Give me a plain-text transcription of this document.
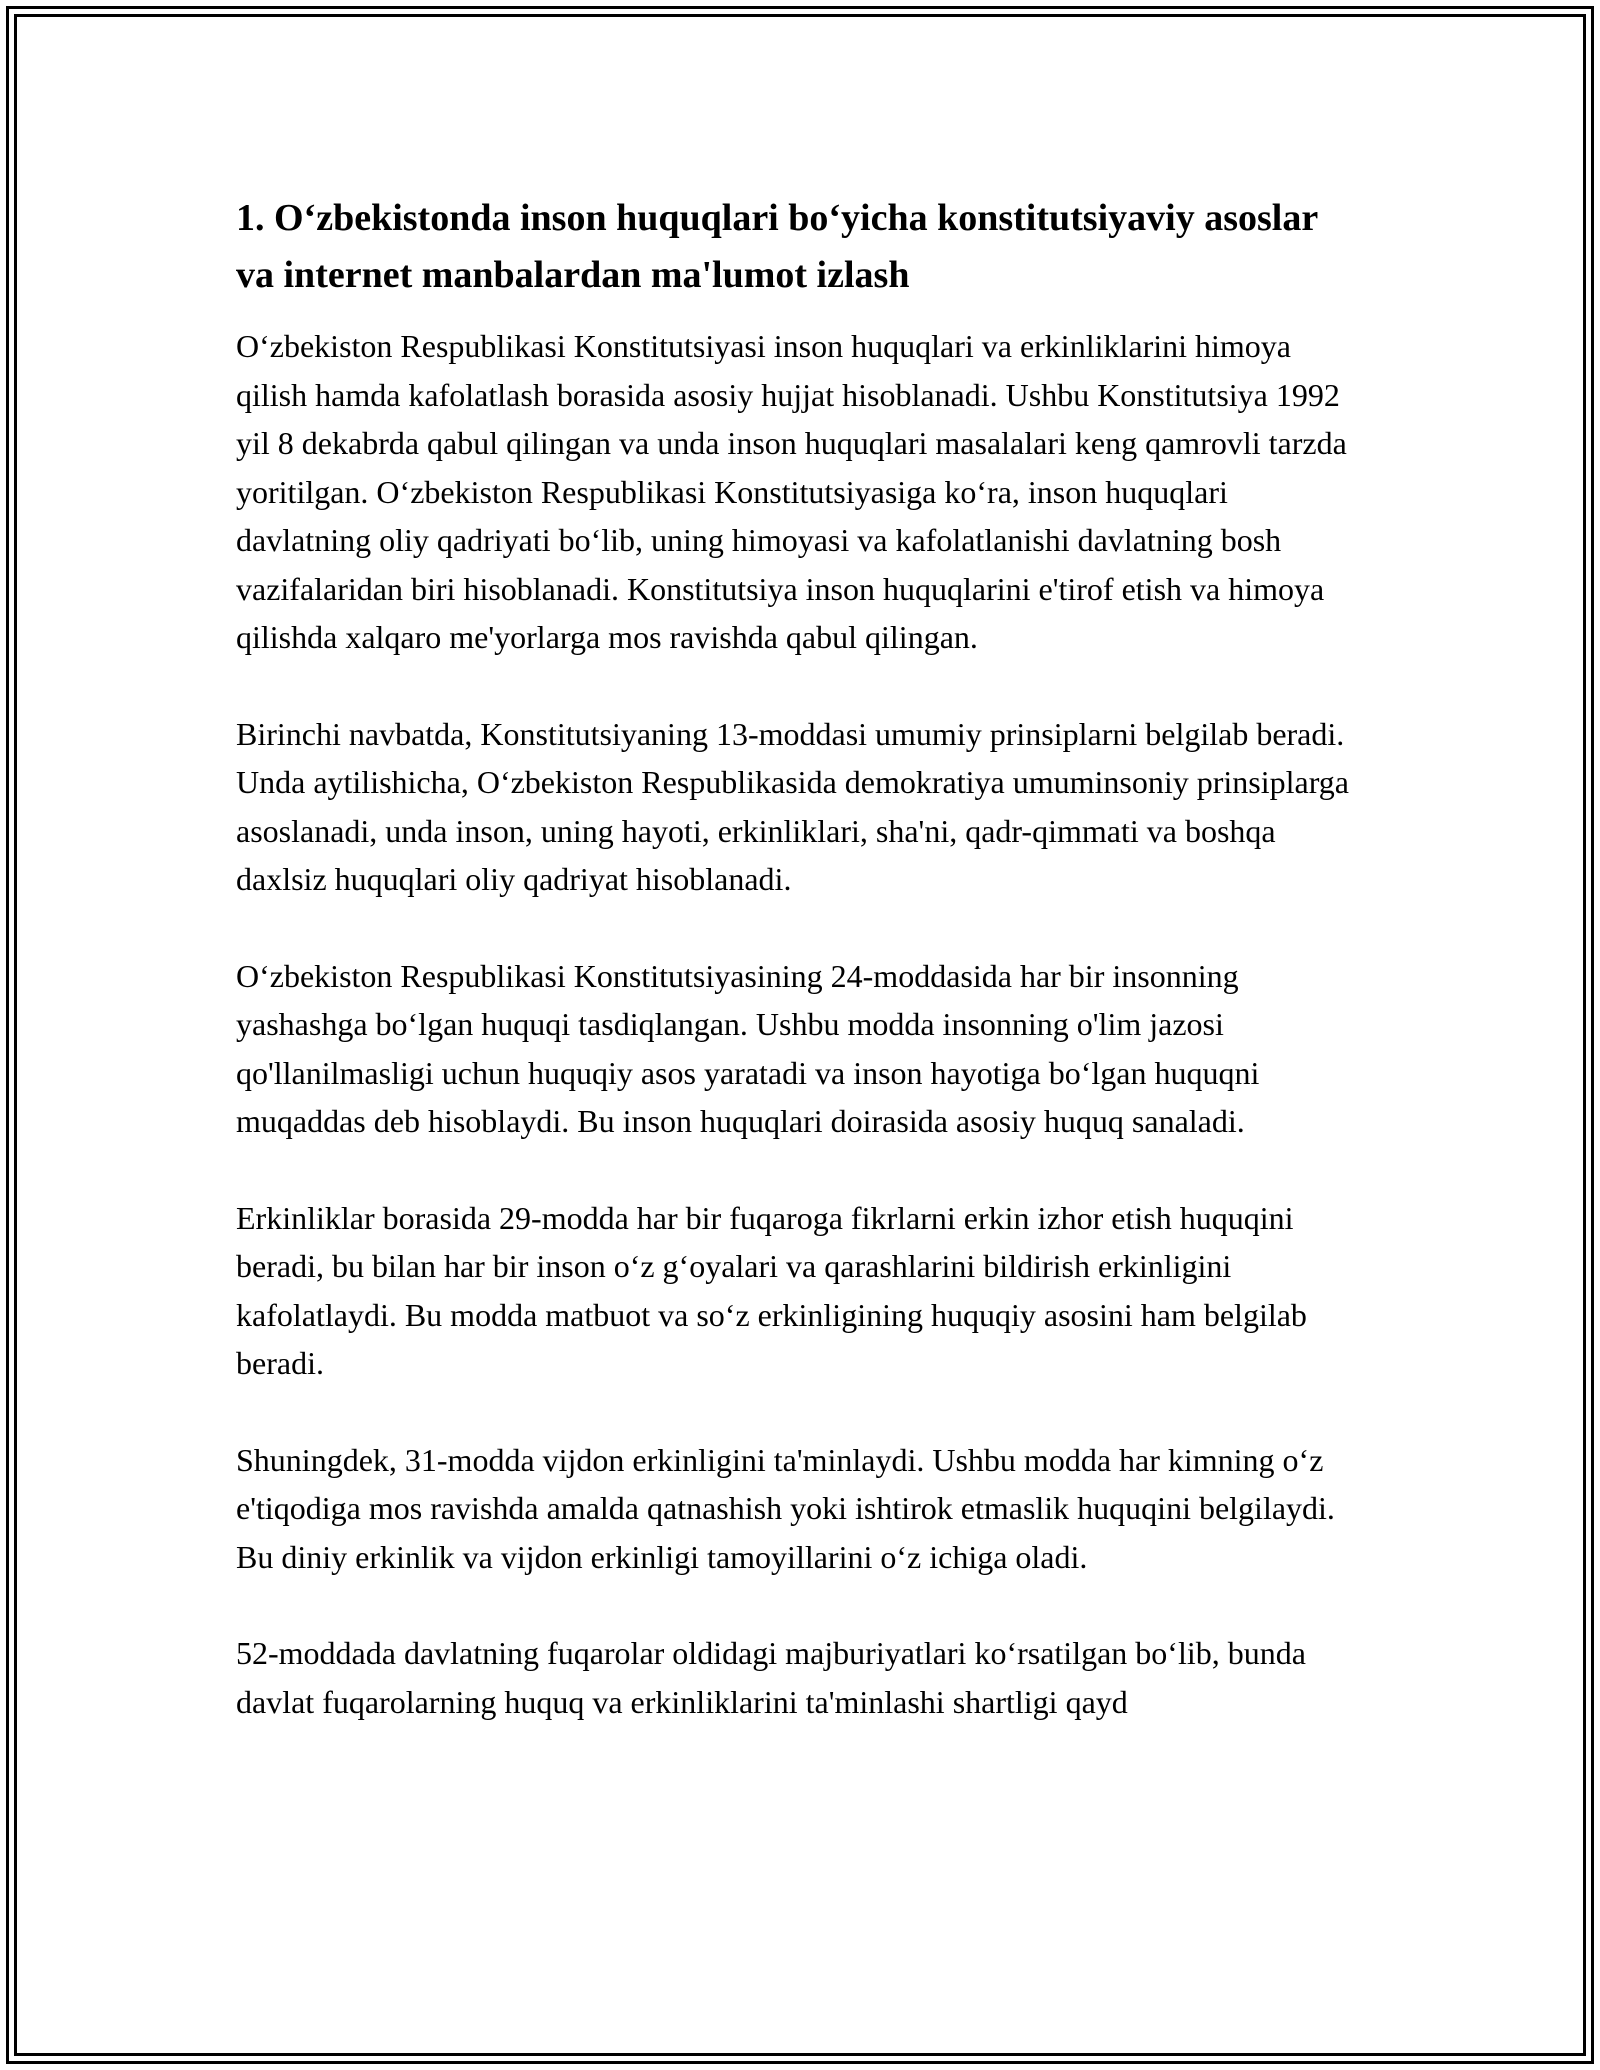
1. O‘zbekistonda inson huquqlari bo‘yicha konstitutsiyaviy asoslar va internet manbalardan ma'lumot izlash

O‘zbekiston Respublikasi Konstitutsiyasi inson huquqlari va erkinliklarini himoya qilish hamda kafolatlash borasida asosiy hujjat hisoblanadi. Ushbu Konstitutsiya 1992 yil 8 dekabrda qabul qilingan va unda inson huquqlari masalalari keng qamrovli tarzda yoritilgan. O‘zbekiston Respublikasi Konstitutsiyasiga ko‘ra, inson huquqlari davlatning oliy qadriyati bo‘lib, uning himoyasi va kafolatlanishi davlatning bosh vazifalaridan biri hisoblanadi. Konstitutsiya inson huquqlarini e'tirof etish va himoya qilishda xalqaro me'yorlarga mos ravishda qabul qilingan.

Birinchi navbatda, Konstitutsiyaning 13-moddasi umumiy prinsiplarni belgilab beradi. Unda aytilishicha, O‘zbekiston Respublikasida demokratiya umuminsoniy prinsiplarga asoslanadi, unda inson, uning hayoti, erkinliklari, sha'ni, qadr-qimmati va boshqa daxlsiz huquqlari oliy qadriyat hisoblanadi.

O‘zbekiston Respublikasi Konstitutsiyasining 24-moddasida har bir insonning yashashga bo‘lgan huquqi tasdiqlangan. Ushbu modda insonning o'lim jazosi qo'llanilmasligi uchun huquqiy asos yaratadi va inson hayotiga bo‘lgan huquqni muqaddas deb hisoblaydi. Bu inson huquqlari doirasida asosiy huquq sanaladi.

Erkinliklar borasida 29-modda har bir fuqaroga fikrlarni erkin izhor etish huquqini beradi, bu bilan har bir inson o‘z g‘oyalari va qarashlarini bildirish erkinligini kafolatlaydi. Bu modda matbuot va so‘z erkinligining huquqiy asosini ham belgilab beradi.

Shuningdek, 31-modda vijdon erkinligini ta'minlaydi. Ushbu modda har kimning o‘z e'tiqodiga mos ravishda amalda qatnashish yoki ishtirok etmaslik huquqini belgilaydi. Bu diniy erkinlik va vijdon erkinligi tamoyillarini o‘z ichiga oladi.

52-moddada davlatning fuqarolar oldidagi majburiyatlari ko‘rsatilgan bo‘lib, bunda davlat fuqarolarning huquq va erkinliklarini ta'minlashi shartligi qayd
